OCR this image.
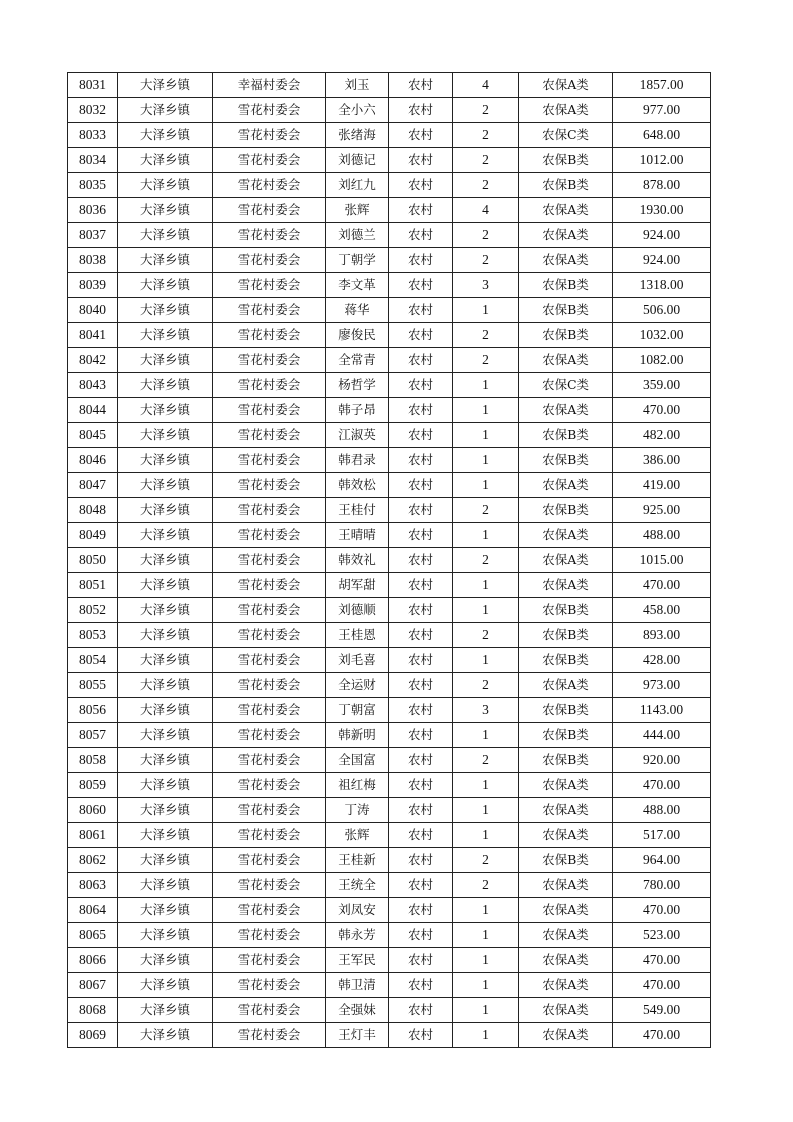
8031	大泽乡镇	幸福村委会	刘玉	农村	4	农保A类	1857.00
8032	大泽乡镇	雪花村委会	全小六	农村	2	农保A类	977.00
8033	大泽乡镇	雪花村委会	张绪海	农村	2	农保C类	648.00
8034	大泽乡镇	雪花村委会	刘德记	农村	2	农保B类	1012.00
8035	大泽乡镇	雪花村委会	刘红九	农村	2	农保B类	878.00
8036	大泽乡镇	雪花村委会	张辉	农村	4	农保A类	1930.00
8037	大泽乡镇	雪花村委会	刘德兰	农村	2	农保A类	924.00
8038	大泽乡镇	雪花村委会	丁朝学	农村	2	农保A类	924.00
8039	大泽乡镇	雪花村委会	李文革	农村	3	农保B类	1318.00
8040	大泽乡镇	雪花村委会	蒋华	农村	1	农保B类	506.00
8041	大泽乡镇	雪花村委会	廖俊民	农村	2	农保B类	1032.00
8042	大泽乡镇	雪花村委会	全常青	农村	2	农保A类	1082.00
8043	大泽乡镇	雪花村委会	杨哲学	农村	1	农保C类	359.00
8044	大泽乡镇	雪花村委会	韩子昂	农村	1	农保A类	470.00
8045	大泽乡镇	雪花村委会	江淑英	农村	1	农保B类	482.00
8046	大泽乡镇	雪花村委会	韩君录	农村	1	农保B类	386.00
8047	大泽乡镇	雪花村委会	韩效松	农村	1	农保A类	419.00
8048	大泽乡镇	雪花村委会	王桂付	农村	2	农保B类	925.00
8049	大泽乡镇	雪花村委会	王晴晴	农村	1	农保A类	488.00
8050	大泽乡镇	雪花村委会	韩效礼	农村	2	农保A类	1015.00
8051	大泽乡镇	雪花村委会	胡军甜	农村	1	农保A类	470.00
8052	大泽乡镇	雪花村委会	刘德顺	农村	1	农保B类	458.00
8053	大泽乡镇	雪花村委会	王桂恩	农村	2	农保B类	893.00
8054	大泽乡镇	雪花村委会	刘毛喜	农村	1	农保B类	428.00
8055	大泽乡镇	雪花村委会	全运财	农村	2	农保A类	973.00
8056	大泽乡镇	雪花村委会	丁朝富	农村	3	农保B类	1143.00
8057	大泽乡镇	雪花村委会	韩新明	农村	1	农保B类	444.00
8058	大泽乡镇	雪花村委会	全国富	农村	2	农保B类	920.00
8059	大泽乡镇	雪花村委会	祖红梅	农村	1	农保A类	470.00
8060	大泽乡镇	雪花村委会	丁涛	农村	1	农保A类	488.00
8061	大泽乡镇	雪花村委会	张辉	农村	1	农保A类	517.00
8062	大泽乡镇	雪花村委会	王桂新	农村	2	农保B类	964.00
8063	大泽乡镇	雪花村委会	王统全	农村	2	农保A类	780.00
8064	大泽乡镇	雪花村委会	刘凤安	农村	1	农保A类	470.00
8065	大泽乡镇	雪花村委会	韩永芳	农村	1	农保A类	523.00
8066	大泽乡镇	雪花村委会	王军民	农村	1	农保A类	470.00
8067	大泽乡镇	雪花村委会	韩卫清	农村	1	农保A类	470.00
8068	大泽乡镇	雪花村委会	全强妹	农村	1	农保A类	549.00
8069	大泽乡镇	雪花村委会	王灯丰	农村	1	农保A类	470.00
